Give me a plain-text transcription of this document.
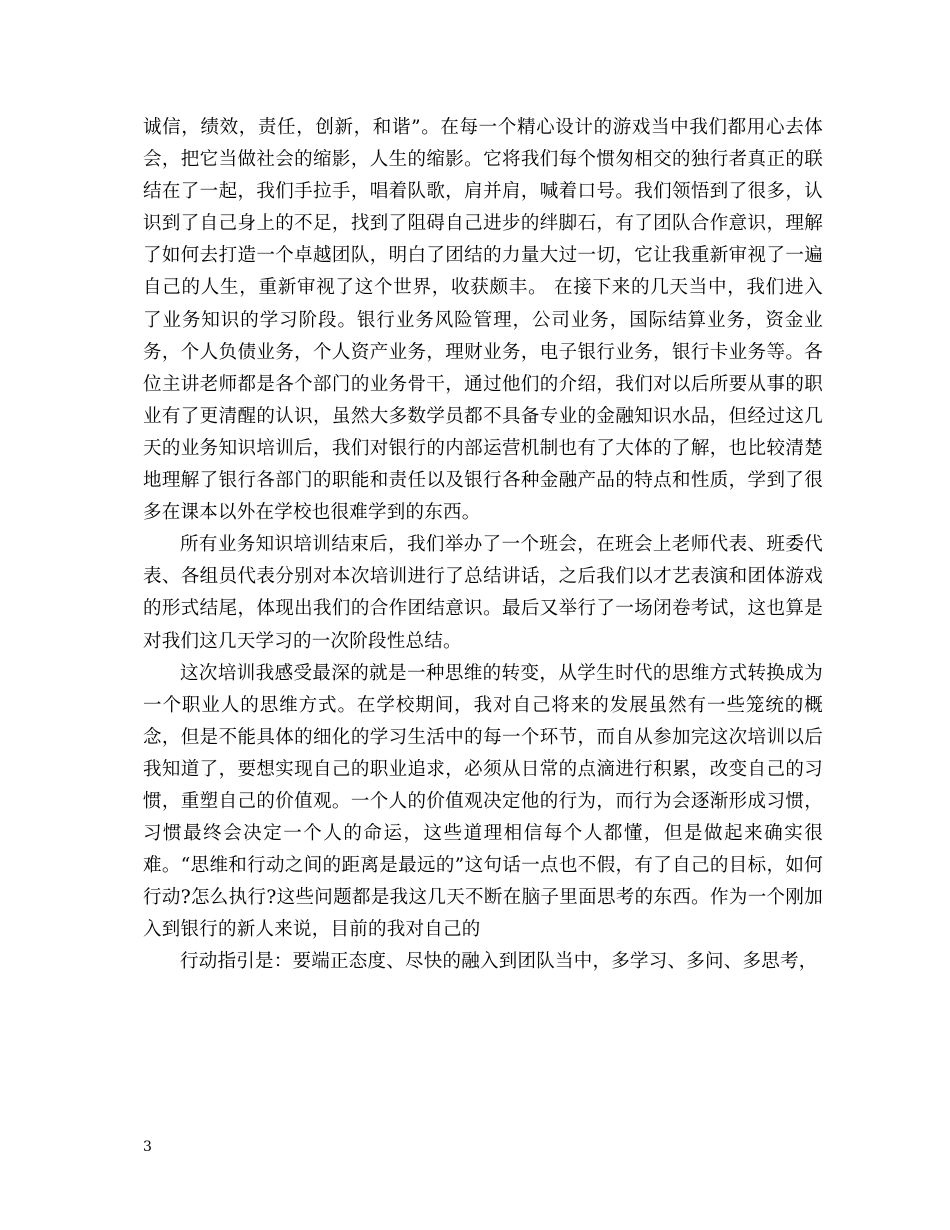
诚信，绩效，责任，创新，和谐”。在每一个精心设计的游戏当中我们都用心去体会，把它当做社会的缩影，人生的缩影。它将我们每个惯匆相交的独行者真正的联结在了一起，我们手拉手，唱着队歌，肩并肩，喊着口号。我们领悟到了很多，认识到了自己身上的不足，找到了阻碍自己进步的绊脚石，有了团队合作意识，理解了如何去打造一个卓越团队，明白了团结的力量大过一切，它让我重新审视了一遍自己的人生，重新审视了这个世界，收获颇丰。 在接下来的几天当中，我们进入了业务知识的学习阶段。银行业务风险管理，公司业务，国际结算业务，资金业务，个人负债业务，个人资产业务，理财业务，电子银行业务，银行卡业务等。各位主讲老师都是各个部门的业务骨干，通过他们的介绍，我们对以后所要从事的职业有了更清醒的认识，虽然大多数学员都不具备专业的金融知识水品，但经过这几天的业务知识培训后，我们对银行的内部运营机制也有了大体的了解，也比较清楚地理解了银行各部门的职能和责任以及银行各种金融产品的特点和性质，学到了很多在课本以外在学校也很难学到的东西。

所有业务知识培训结束后，我们举办了一个班会，在班会上老师代表、班委代表、各组员代表分别对本次培训进行了总结讲话，之后我们以才艺表演和团体游戏的形式结尾，体现出我们的合作团结意识。最后又举行了一场闭卷考试，这也算是对我们这几天学习的一次阶段性总结。

这次培训我感受最深的就是一种思维的转变，从学生时代的思维方式转换成为一个职业人的思维方式。在学校期间，我对自己将来的发展虽然有一些笼统的概念，但是不能具体的细化的学习生活中的每一个环节，而自从参加完这次培训以后我知道了，要想实现自己的职业追求，必须从日常的点滴进行积累，改变自己的习惯，重塑自己的价值观。一个人的价值观决定他的行为，而行为会逐渐形成习惯，习惯最终会决定一个人的命运，这些道理相信每个人都懂，但是做起来确实很难。“思维和行动之间的距离是最远的”这句话一点也不假，有了自己的目标，如何行动?怎么执行?这些问题都是我这几天不断在脑子里面思考的东西。作为一个刚加入到银行的新人来说，目前的我对自己的

行动指引是：要端正态度、尽快的融入到团队当中，多学习、多问、多思考，

3
